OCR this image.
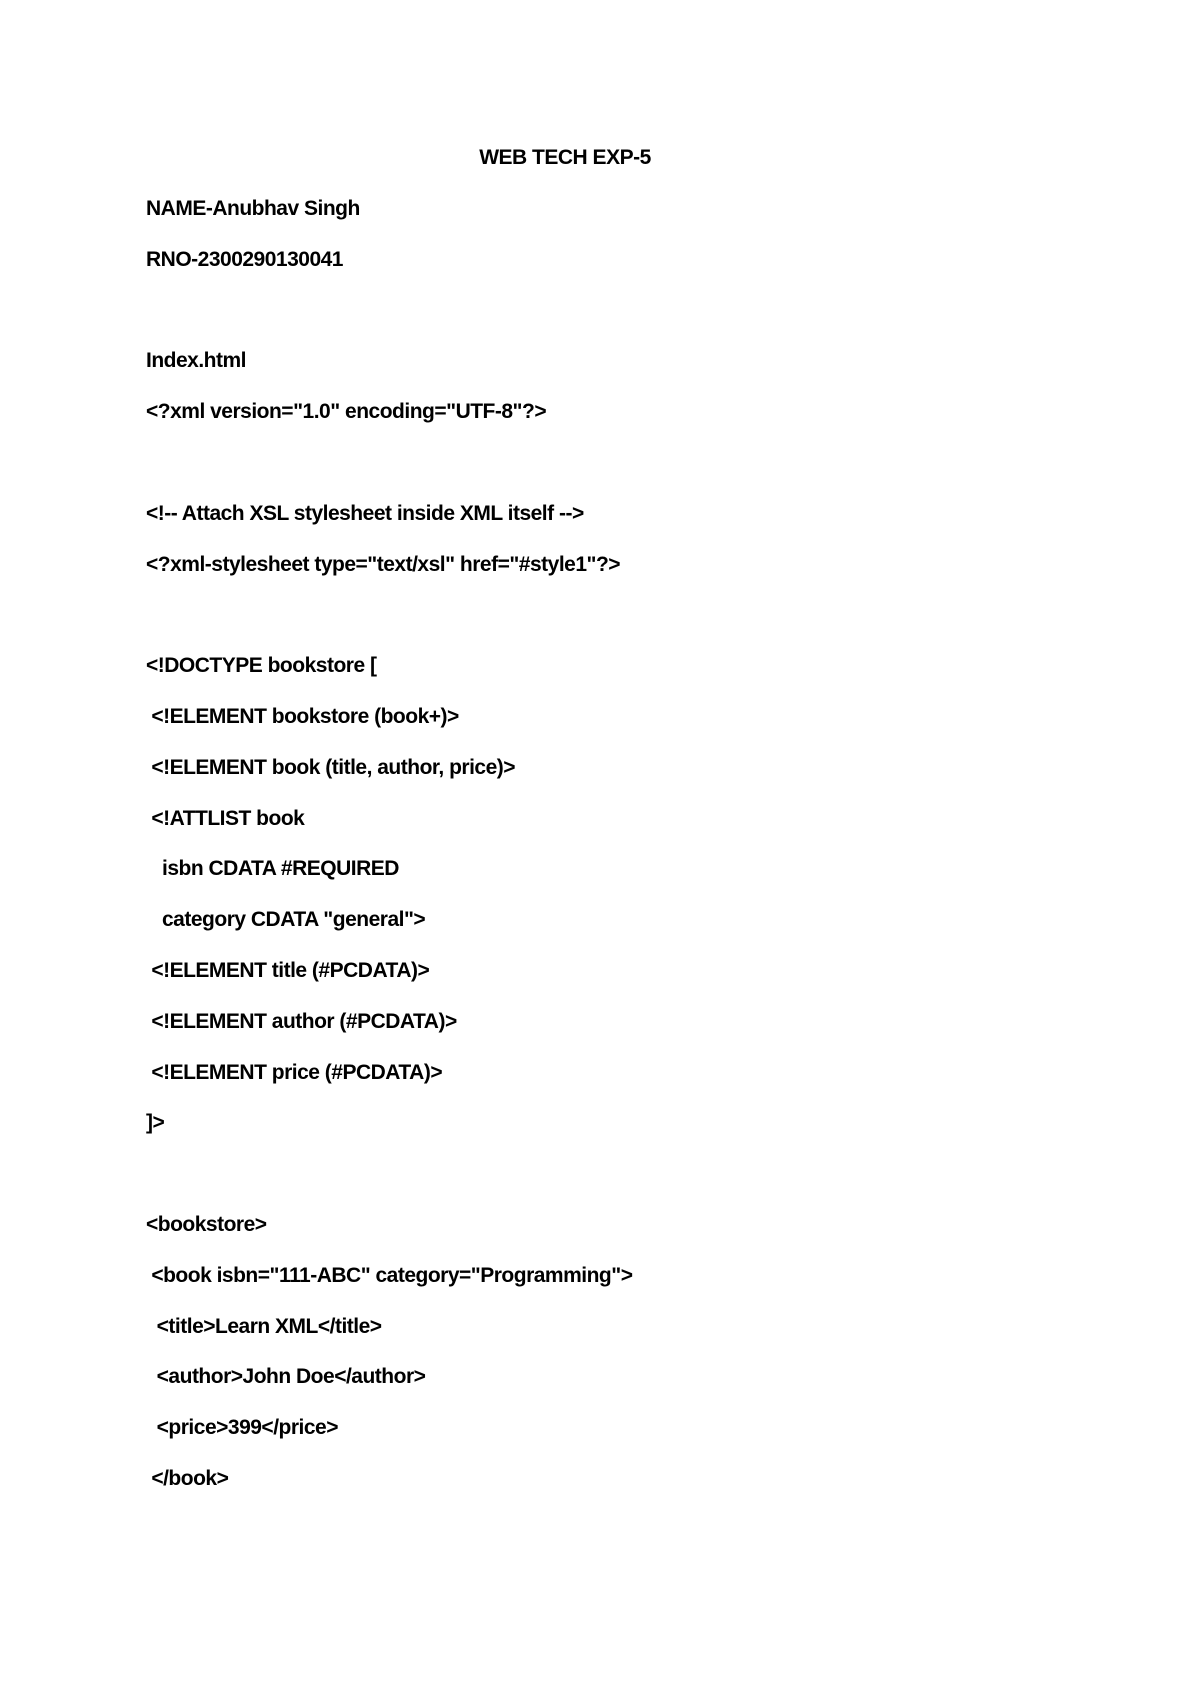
WEB TECH EXP-5
NAME-Anubhav Singh
RNO-2300290130041
Index.html
<?xml version="1.0" encoding="UTF-8"?>
<!-- Attach XSL stylesheet inside XML itself -->
<?xml-stylesheet type="text/xsl" href="#style1"?>
<!DOCTYPE bookstore [
<!ELEMENT bookstore (book+)>
<!ELEMENT book (title, author, price)>
<!ATTLIST book
isbn CDATA #REQUIRED
category CDATA "general">
<!ELEMENT title (#PCDATA)>
<!ELEMENT author (#PCDATA)>
<!ELEMENT price (#PCDATA)>
]>
<bookstore>
<book isbn="111-ABC" category="Programming">
<title>Learn XML</title>
<author>John Doe</author>
<price>399</price>
</book>
